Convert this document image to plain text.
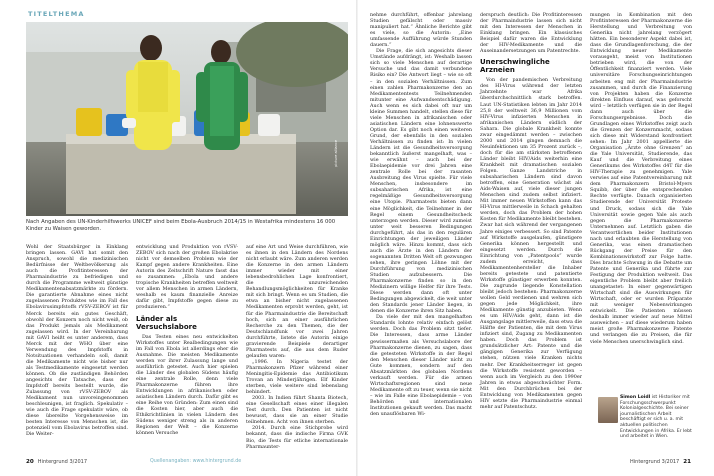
TITELTHEMA
picture alliance
Nach Angaben des UN-Kinderhilfswerks UNICEF sind beim Ebola-Ausbruch 2014/15 in Westafrika mindestens 16 000 Kinder zu Waisen geworden.

Wohl der Staatsbürger in Einklang bringen lassen. GAVI hat somit den Anspruch, sowohl die medizinischen Bedürfnisse der Weltbevölkerung als auch die Profitinteressen der Pharmaindustrie zu befriedigen und durch die Programme weltweit günstige Medikamentenabsatzmärkte zu fördern. Die garantierte Abnahme eines nicht zugelassenen Produktes wie im Fall des Ebolavirusimpfstoffs rVSV-ZEBOV ist für Merck bereits ein gutes Geschäft, obwohl der Konzern noch nicht weiß, ob das Produkt jemals als Medikament zugelassen wird. In der Vereinbarung mit GAVI heißt es unter anderem, dass Merck mit der WHO über eine Verwendung des Impfstoffs in Notsituationen verhandeln soll, damit die Medikamente nicht wie bisher nur als Testmedikamente eingesetzt werden können. Ob die zuständigen Behörden angesichts der Tatsache, dass der Impfstoff bereits bestellt wurde, die Zulassung von rVSV-ZEBOV als Medikament nun unvoreingenommen beschleunigen, ist fraglich. Spekulativ – wie auch die Frage spekulativ wäre, ob diese übereilte Vorgehensweise im besten Interesse von Menschen ist, die potenziell vom Ebolavirus betroffen sind. Die Weiter-

entwicklung und Produktion von rVSV-ZEBOV sich nach der großen Ebolakrise nicht vor demselben Problem wie der Kampf gegen andere Krankheiten. Eine Autorin des Zeitschrift Nature fasst das so zusammen: „Ebola und andere tropische Krankheiten betreffen weltweit vor allem Menschen in armen Ländern, weshalb es kaum finanzielle Anreize dafür gibt, Impfstoffe gegen diese zu produzieren.“

Länder als Versuchslabore

Das Testen eines neu entwickelten Wirkstoffes unter Realbedingungen wie im Fall von Ebola ist allerdings eher die Ausnahme. Die meisten Medikamente werden vor ihrer Zulassung lange und ausführlich getestet. Auch hier spielen die Länder des globalen Südens häufig eine zentrale Rolle, denn viele Pharmakonzerne führen ihre Entwicklungen in afrikanischen oder asiatischen Ländern durch. Dafür gibt es eine Reihe von Gründen: Zum einen sind die Kosten hier, aber auch die Ethikrichtlinien in vielen Ländern des Südens weniger streng als in anderen Regionen der Welt – die Konzerne können Versuche

auf eine Art und Weise durchführen, wie es ihnen in den Ländern des Nordens nicht erlaubt wäre. Zum anderen werden die Konzerne in den armen Ländern immer wieder mit einer lebensbedrohlichen Lage konfrontiert, die unzureichenden Behandlungsmöglichkeiten für Kranke mit sich bringt. Wenn es um Studien, die etwa an bisher nicht zugelassenen Medikamenten erprobt werden, geht, ist für die Pharmaindustrie die Bereitschaft hoch, sich an einer ausführlichen Recherche zu den Themen, die der Deutschlandfunk vor zwei Jahren durchführte, listete die Autorin einige gravierende Beispiele derartiger Pharmatests auf, die aus dem Ruder gelaufen waren:

„1996. In Nigeria testet der Pharmakonzern Pfizer während einer Meningitis-Epidemie das Antibiotikum Trovan an Minderjährigen. Elf Kinder sterben, viele weitere sind lebenslang behindert.

2003. In Indien führt Shanta Biotech, eine Gesellschaft eines einer illegalen Test durch. Den Patienten ist nicht bewusst, dass sie an einer Studie teilnehmen. Acht von ihnen sterben.

2014. Durch eine Stichprobe wird bekannt, dass die indische Firma GVK Bio, die Tests für etliche internationale Pharmaunter-

nehme durchführt, offenbar jahrelang Studien gefälscht oder massiv manipuliert hat.“ Ähnliche Berichte gibt es viele, so die Autorin: „Eine umfassende Aufführung würde Stunden dauern.“

Die Frage, die sich angesichts dieser Umstände aufdrängt, ist: Weshalb lassen sich so viele Menschen auf derartige Versuche und das damit verbundene Risiko ein? Die Antwort liegt – wie so oft – in den sozialen Verhältnissen. Zum einen zahlen Pharmakonzerne den an Medikamententests Teilnehmenden mitunter eine Aufwandsentschädigung. Auch wenn es sich dabei oft nur um kleine Summen handelt, stellen diese für viele Menschen in afrikanischen oder asiatischen Ländern eine lohnenswerte Option dar. Es gibt noch einen weiteren Grund, der ebenfalls in den sozialen Verhältnissen zu finden ist: In vielen Ländern ist die Gesundheitsversorgung bekanntlich äußerst mangelhaft, was – wie erwähnt – auch bei der Ebolaepidemie vor drei Jahren eine zentrale Rolle bei der rasanten Ausbreitung des Virus spielte. Für viele Menschen, insbesondere im subsaharischen Afrika, ist eine regelmäßige Gesundheitsversorgung eine Utopie. Pharmatests bieten dann eine Möglichkeit, die Teilnehmer in der Regel einem Gesundheitscheck unterzogen werden. Dieser wird zumeist unter weit besseren Bedingungen durchgeführt, als das in den regulären Einrichtungen der jeweiligen Länder möglich wäre. Hinzu kommt, dass sich auch die Ärzte in den Ländern der sogenannten Dritten Welt oft gezwungen sehen, ihre geringen Löhne mit der Durchführung von medizinischen Studien aufzubessern. Die Pharmakonzerne finden so in den Medizinern willige Helfer für ihre Tests. Diese werden dann oft unter Bedingungen abgewickelt, die weit unter den Standards jener Länder liegen, in denen die Konzerne ihren Sitz haben.

Da viele der mit den mangelhaften Standards lohnte relativ einfach gelöst werden. Doch das Problem sitzt tiefer. Die Interessen, dass arme Länder gewissermaßen als Versuchslabore der Pharmakonzerne dienen, zu sagen, dass die getesteten Wirkstoffe in der Regel den Menschen dieser Länder nicht zu Gute kommen, sondern auf den Absatzmärkten des globalen Nordens verkauft werden. Für die armen Wirtschaftsregionen sind neue Medikamente oft zu teuer, wenn sie nicht – wie im Falle eine Ebolaepidemie – von Behörden und internationalen Institutionen gekauft werden. Das macht den unauflösbaren Wi-

derspruch deutlich: Die Profitinteressen der Pharmaindustrie lassen sich nicht mit den Interessen der Menschen in Einklang bringen. Ein klassisches Beispiel dafür waren die Entwicklung der HIV-Medikamente und die Auseinandersetzungen um Patentrechte.

Unerschwingliche Arzneien

Von der pandemischen Verbreitung des HI-Virus während der letzten Jahrzehnte war Afrika überdurchschnittlich stark betroffen. Laut UN-Statistiken lebten im Jahr 2014 25,8 der weltweit 36,9 Millionen vom HIV-Virus infizierten Menschen in afrikanischen Ländern südlich der Sahara. Die globale Krankheit konnte zwar eingedämmt werden – zwischen 2000 und 2014 gingen demnach die Neuinfektionen um 35 Prozent zurück –, doch für die am stärksten betroffenen Länder bleibt HIV/Aids weiterhin eine Krankheit mit dramatischen sozialen Folgen. Ganze Landstriche in subsaharischen Ländern sind davon betroffen, eine Generation wächst als Aids-Waisen auf, viele dieser jungen Menschen sind zudem selbst infiziert. Mit immer neuen Wirkstoffen kann das HI-Virus mittlerweile in Schach gehalten werden, doch das Problem der hohen Kosten für Medikamente bleibt bestehen. Zwar hat sich während der vergangenen Jahre einiges verbessert. So sind Patente auf Wirkstoffe ausgelaufen, günstigere Generika können hergestellt und eingesetzt werden. Durch die Einrichtung von „Patentpools“ wurde zudem erreicht, dass Medikamentenhersteller die Inhaber bereits getestete und patentierte Wirkstoffe günstiger erwerben konnten. Die zugrunde liegende Konstellation bleibt jedoch bestehen: Pharmakonzerne wollen Geld verdienen und wehren sich gegen jede Möglichkeit, ihre Medikamente günstig anzubieten. Wenn es um HIV/Aids geht, dann ist die Ausgangslage mittlerweile, dass etwa die Hälfte der Patienten, die mit dem Virus infiziert sind, Zugang zu Medikamenten haben. Doch das Problem ist grundsätzlicher Art: Patente und die gängigen Generika zur Verfügung stehen, nützen viele Kranken nichts mehr. Der Krankheitserreger ist gegen die Wirkstoffe resistent geworden – wenn auch im Vergleich zu den 1990er Jahren in etwas abgeschwächter Form. Mit den Durchbrüchen bei der Entwicklung von Medikamenten gegen HIV setzte die Pharmaindustrie einmal mehr auf Patentschutz.

mungen in Kombination mit den Profitinteressen der Pharmakonzerne die Herstellung und Verbreitung von Generika nicht jahrelang verzögert hätten. Ein besonderer Aspekt dabei ist, dass die Grundlagenforschung, die der Entwicklung neuer Medikamente vorausgeht, meist von Institutionen betrieben wird, die von der Öffentlichkeit finanziert werden. Viele universitäre Forschungseinrichtungen arbeiten eng mit der Pharmaindustrie zusammen, und durch die Finanzierung von Projekten haben die Konzerne direkten Einfluss darauf, was geforscht wird – letztlich verfügen sie in der Regel dann auch über die Forschungsergebnisse. Doch die Grundlagen eines Wirkstoffes zeigt auch die Grenzen der Konzernmacht, sodass sich diese mit Widerstand konfrontiert sehen: Im Jahr 2001 appellierte die Organisation „Ärzte ohne Grenzen“ an die Yale Universität, Studierende, das Kauf und die Verbreitung eines Generikums des Wirkstoffes d4T für die HIV-Therapie zu genehmigen. Yale verwies auf eine Patentvereinbarung mit dem Pharmakonzern Bristol-Myers Squibb, der über die entsprechenden Rechte verfügte. Danach organisierten Studierende der Universität Proteste und Druck, sodass sich die Yale Universität sowie gegen Yale als auch gegen die Pharmakonzerne Unternehmen auf. Letztlich gaben die Verantwortlichen beider Institutionen nach und erlaubten die Herstellung von Generika, was einen dramatischen Rückgang der Preise für den Kombinationswirkstoff zur Folge hatte. Dies brachte Schwung in die Debatte um Patente und Generika und führte zur Festigung der Produktion weltweit. Das eigentliche Problem bleibt aber freilich unangetastet: In einer gegenwärtigen Wirtschaft sind die Auswirkungen für Wirtschaft, oder er wurden Präparate mit weniger Nebenwirkungen entwickelt. Die Patienten müssen deshalb immer wieder auf neue Mittel ausweichen – auf diese wiederum haben meist große Pharmakonzerne Patente und verlangen die zu Preisen, die für viele Menschen unerschwinglich sind.

Simon Loidl ist Historiker mit Forschungsschwerpunkt Kolonialgeschichte. Bei seiner journalistischen Arbeit beschäftigt er sich u. a. mit aktuellen politischen Entwicklungen in Afrika. Er lebt und arbeitet in Wien.
20 Hintergrund 3/2017	Quellenangaben: www.hintergrund.de	Hintergrund 3/2017 21
